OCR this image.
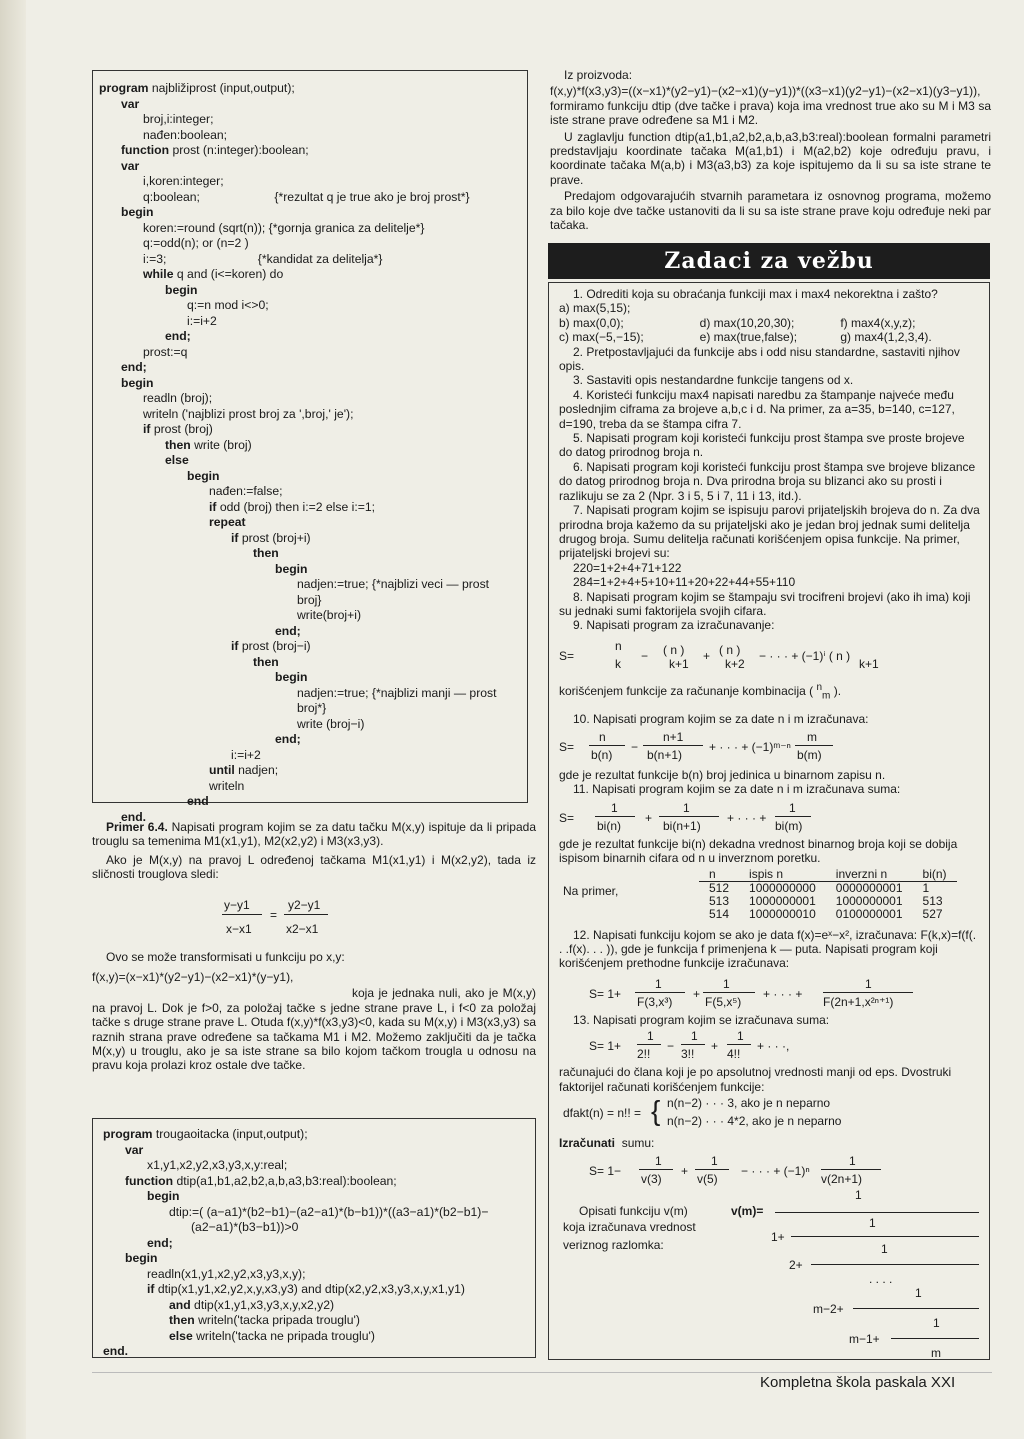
program najbližiprost (input,output);
var
broj,i:integer;
nađen:boolean;
function prost (n:integer):boolean;
var
i,koren:integer;
q:boolean;                      {*rezultat q je true ako je broj prost*}
begin
koren:=round (sqrt(n)); {*gornja granica za delitelje*}
q:=odd(n); or (n=2 )
i:=3;                           {*kandidat za delitelja*}
while q and (i<=koren) do
begin
q:=n mod i<>0;
i:=i+2
end;
prost:=q
end;
begin
readln (broj);
writeln ('najblizi prost broj za ',broj,' je');
if prost (broj)
then write (broj)
else
begin
nađen:=false;
if odd (broj) then i:=2 else i:=1;
repeat
if prost (broj+i)
then
begin
nadjen:=true; {*najblizi veci — prost
broj}
write(broj+i)
end;
if prost (broj−i)
then
begin
nadjen:=true; {*najblizi manji — prost
broj*}
write (broj−i)
end;
i:=i+2
until nadjen;
writeln
end
end.

Primer 6.4. Napisati program kojim se za datu tačku M(x,y) ispituje da li pripada trouglu sa temenima M1(x1,y1), M2(x2,y2) i M3(x3,y3).

Ako je M(x,y) na pravoj L određenoj tačkama M1(x1,y1) i M(x2,y2), tada iz sličnosti trouglova sledi:

y−y1
x−x1
=
y2−y1
x2−x1

Ovo se može transformisati u funkciju po x,y:

f(x,y)=(x−x1)*(y2−y1)−(x2−x1)*(y−y1),

koja je jednaka nuli, ako je M(x,y) na pravoj L. Dok je f>0, za položaj tačke s jedne strane prave L, i f<0 za položaj tačke s druge strane prave L. Otuda f(x,y)*f(x3,y3)<0, kada su M(x,y) i M3(x3,y3) sa raznih strana prave određene sa tačkama M1 i M2. Možemo zaključiti da je tačka M(x,y) u trouglu, ako je sa iste strane sa bilo kojom tačkom trougla u odnosu na pravu koja prolazi kroz ostale dve tačke.

program trougaoitacka (input,output);
var
x1,y1,x2,y2,x3,y3,x,y:real;
function dtip(a1,b1,a2,b2,a,b,a3,b3:real):boolean;
begin
dtip:=( (a−a1)*(b2−b1)−(a2−a1)*(b−b1))*((a3−a1)*(b2−b1)−
(a2−a1)*(b3−b1))>0
end;
begin
readln(x1,y1,x2,y2,x3,y3,x,y);
if dtip(x1,y1,x2,y2,x,y,x3,y3) and dtip(x2,y2,x3,y3,x,y,x1,y1)
and dtip(x1,y1,x3,y3,x,y,x2,y2)
then writeln('tacka pripada trouglu')
else writeln('tacka ne pripada trouglu')
end.

Iz proizvoda:

f(x,y)*f(x3,y3)=((x−x1)*(y2−y1)−(x2−x1)(y−y1))*((x3−x1)(y2−y1)−(x2−x1)(y3−y1)), formiramo funkciju dtip (dve tačke i prava) koja ima vrednost true ako su M i M3 sa iste strane prave određene sa M1 i M2.

U zaglavlju function dtip(a1,b1,a2,b2,a,b,a3,b3:real):boolean formalni parametri predstavljaju koordinate tačaka M(a1,b1) i M(a2,b2) koje određuju pravu, i koordinate tačaka M(a,b) i M3(a3,b3) za koje ispitujemo da li su sa iste strane te prave.

Predajom odgovarajućih stvarnih parametara iz osnovnog programa, možemo za bilo koje dve tačke ustanoviti da li su sa iste strane prave koju određuje neki par tačaka.

Zadaci za vežbu

1. Odrediti koja su obraćanja funkciji max i max4 nekorektna i zašto?

a) max(5,15);
b) max(0,0);	d) max(10,20,30);	f) max4(x,y,z);
c) max(−5,−15);	e) max(true,false);	g) max4(1,2,3,4).

2. Pretpostavljajući da funkcije abs i odd nisu standardne, sastaviti njihov opis.

3. Sastaviti opis nestandardne funkcije tangens od x.

4. Koristeći funkciju max4 napisati naredbu za štampanje najveće među poslednjim ciframa za brojeve a,b,c i d. Na primer, za a=35, b=140, c=127, d=190, treba da se štampa cifra 7.

5. Napisati program koji koristeći funkciju prost štampa sve proste brojeve do datog prirodnog broja n.

6. Napisati program koji koristeći funkciju prost štampa sve brojeve blizance do datog prirodnog broja n. Dva prirodna broja su blizanci ako su prosti i razlikuju se za 2 (Npr. 3 i 5, 5 i 7, 11 i 13, itd.).

7. Napisati program kojim se ispisuju parovi prijateljskih brojeva do n. Za dva prirodna broja kažemo da su prijateljski ako je jedan broj jednak sumi delitelja drugog broja. Sumu delitelja računati korišćenjem opisa funkcije. Na primer, prijateljski brojevi su:

220=1+2+4+71+122

284=1+2+4+5+10+11+20+22+44+55+110

8. Napisati program kojim se štampaju svi trocifreni brojevi (ako ih ima) koji su jednaki sumi faktorijela svojih cifara.

9. Napisati program za izračunavanje:

S=
n
k
− ( n )
k+1
+ ( n )
k+2
− · · · + (−1)ⁱ ( n )
k+1

korišćenjem funkcije za računanje kombinacija ( $^n_m$ ).

10. Napisati program kojim se za date n i m izračunava:

S=
n
b(n)
−
n+1
b(n+1)
+ · · · + (−1)ᵐ⁻ⁿ
m
b(m)

gde je rezultat funkcije b(n) broj jedinica u binarnom zapisu n.

11. Napisati program kojim se za date n i m izračunava suma:

S=
1
bi(n)
+
1
bi(n+1)
+ · · · +
1
bi(m)

gde je rezultat funkcije bi(n) dekadna vrednost binarnog broja koji se dobija ispisom binarnih cifara od n u inverznom poretku.

Na primer,
n	ispis n	inverzni n	bi(n)
512	1000000000	0000000001	1
513	1000000001	1000000001	513
514	1000000010	0100000001	527

12. Napisati funkciju kojom se ako je data f(x)=eˣ−x², izračunava: F(k,x)=f(f(. . .f(x). . . )), gde je funkcija f primenjena k — puta. Napisati program koji korišćenjem prethodne funkcije izračunava:

S= 1+
1
F(3,x³)
+
1
F(5,x⁵)
+ · · · +
1
F(2n+1,x²ⁿ⁺¹)

13. Napisati program kojim se izračunava suma:

S= 1+
1
2!!
−
1
3!!
+
1
4!!
+ · · ·,

računajući do člana koji je po apsolutnoj vrednosti manji od eps. Dvostruki faktorijel računati korišćenjem funkcije:

dfakt(n) = n!! = { n(n−2) · · · 3, ako je n neparno
n(n−2) · · · 4*2, ako je n neparno

Izračunati sumu:

S= 1−
1
v(3)
+
1
v(5)
− · · · + (−1)ⁿ
1
v(2n+1)
1
Opisati funkciju v(m)	v(m)=
koja izračunava vrednost	1
1+
veriznog razlomka:	1
2+
. . . .
1
m−2+
1
m−1+
m
Kompletna škola paskala XXI
